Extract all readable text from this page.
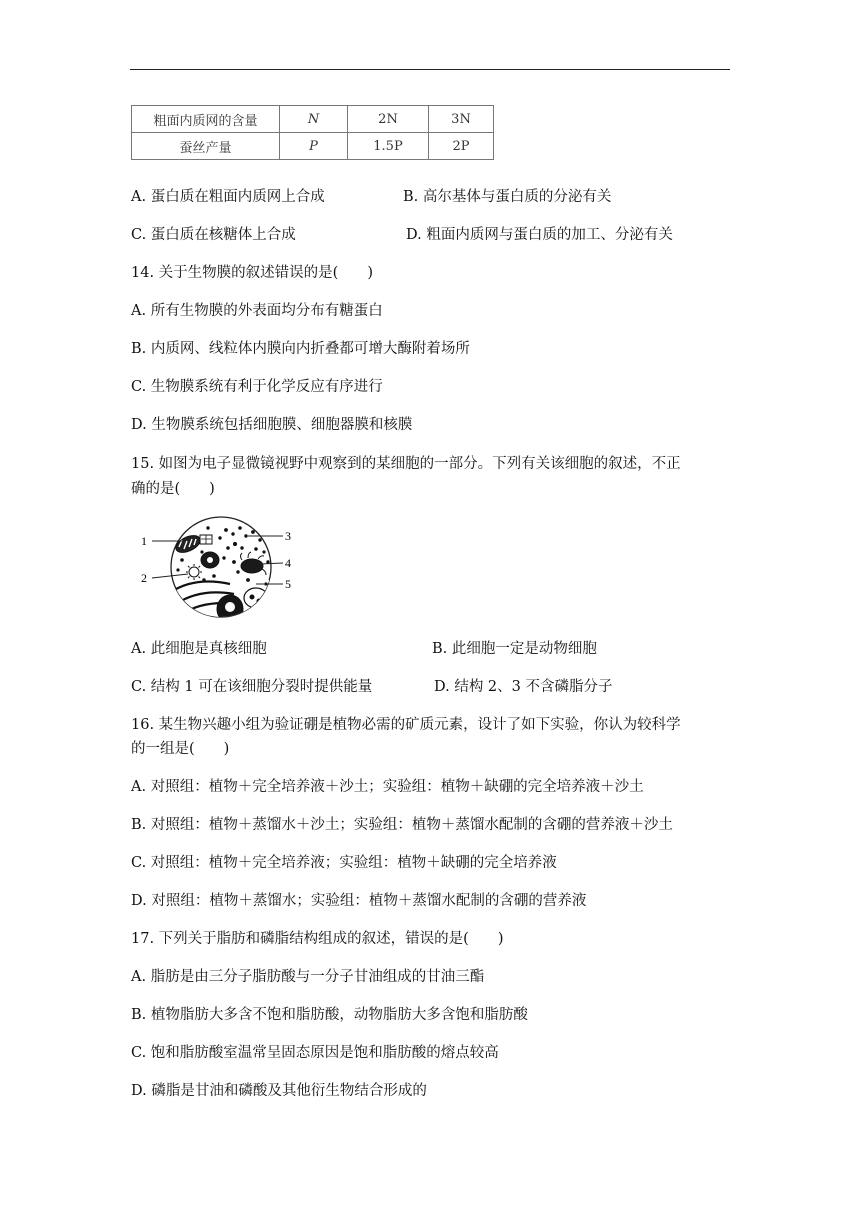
粗面内质网的含量	N	2N	3N
蚕丝产量	P	1.5P	2P
A. 蛋白质在粗面内质网上合成	B. 高尔基体与蛋白质的分泌有关
C. 蛋白质在核糖体上合成	D. 粗面内质网与蛋白质的加工、分泌有关
14. 关于生物膜的叙述错误的是(　　)
A. 所有生物膜的外表面均分布有糖蛋白
B. 内质网、线粒体内膜向内折叠都可增大酶附着场所
C. 生物膜系统有利于化学反应有序进行
D. 生物膜系统包括细胞膜、细胞器膜和核膜
15. 如图为电子显微镜视野中观察到的某细胞的一部分。下列有关该细胞的叙述，不正
确的是(　　)
1
2
3
4
5
A. 此细胞是真核细胞	B. 此细胞一定是动物细胞
C. 结构 1 可在该细胞分裂时提供能量	D. 结构 2、3 不含磷脂分子
16. 某生物兴趣小组为验证硼是植物必需的矿质元素，设计了如下实验，你认为较科学
的一组是(　　)
A. 对照组：植物＋完全培养液＋沙土；实验组：植物＋缺硼的完全培养液＋沙土
B. 对照组：植物＋蒸馏水＋沙土；实验组：植物＋蒸馏水配制的含硼的营养液＋沙土
C. 对照组：植物＋完全培养液；实验组：植物＋缺硼的完全培养液
D. 对照组：植物＋蒸馏水；实验组：植物＋蒸馏水配制的含硼的营养液
17. 下列关于脂肪和磷脂结构组成的叙述，错误的是(　　)
A. 脂肪是由三分子脂肪酸与一分子甘油组成的甘油三酯
B. 植物脂肪大多含不饱和脂肪酸，动物脂肪大多含饱和脂肪酸
C. 饱和脂肪酸室温常呈固态原因是饱和脂肪酸的熔点较高
D. 磷脂是甘油和磷酸及其他衍生物结合形成的
